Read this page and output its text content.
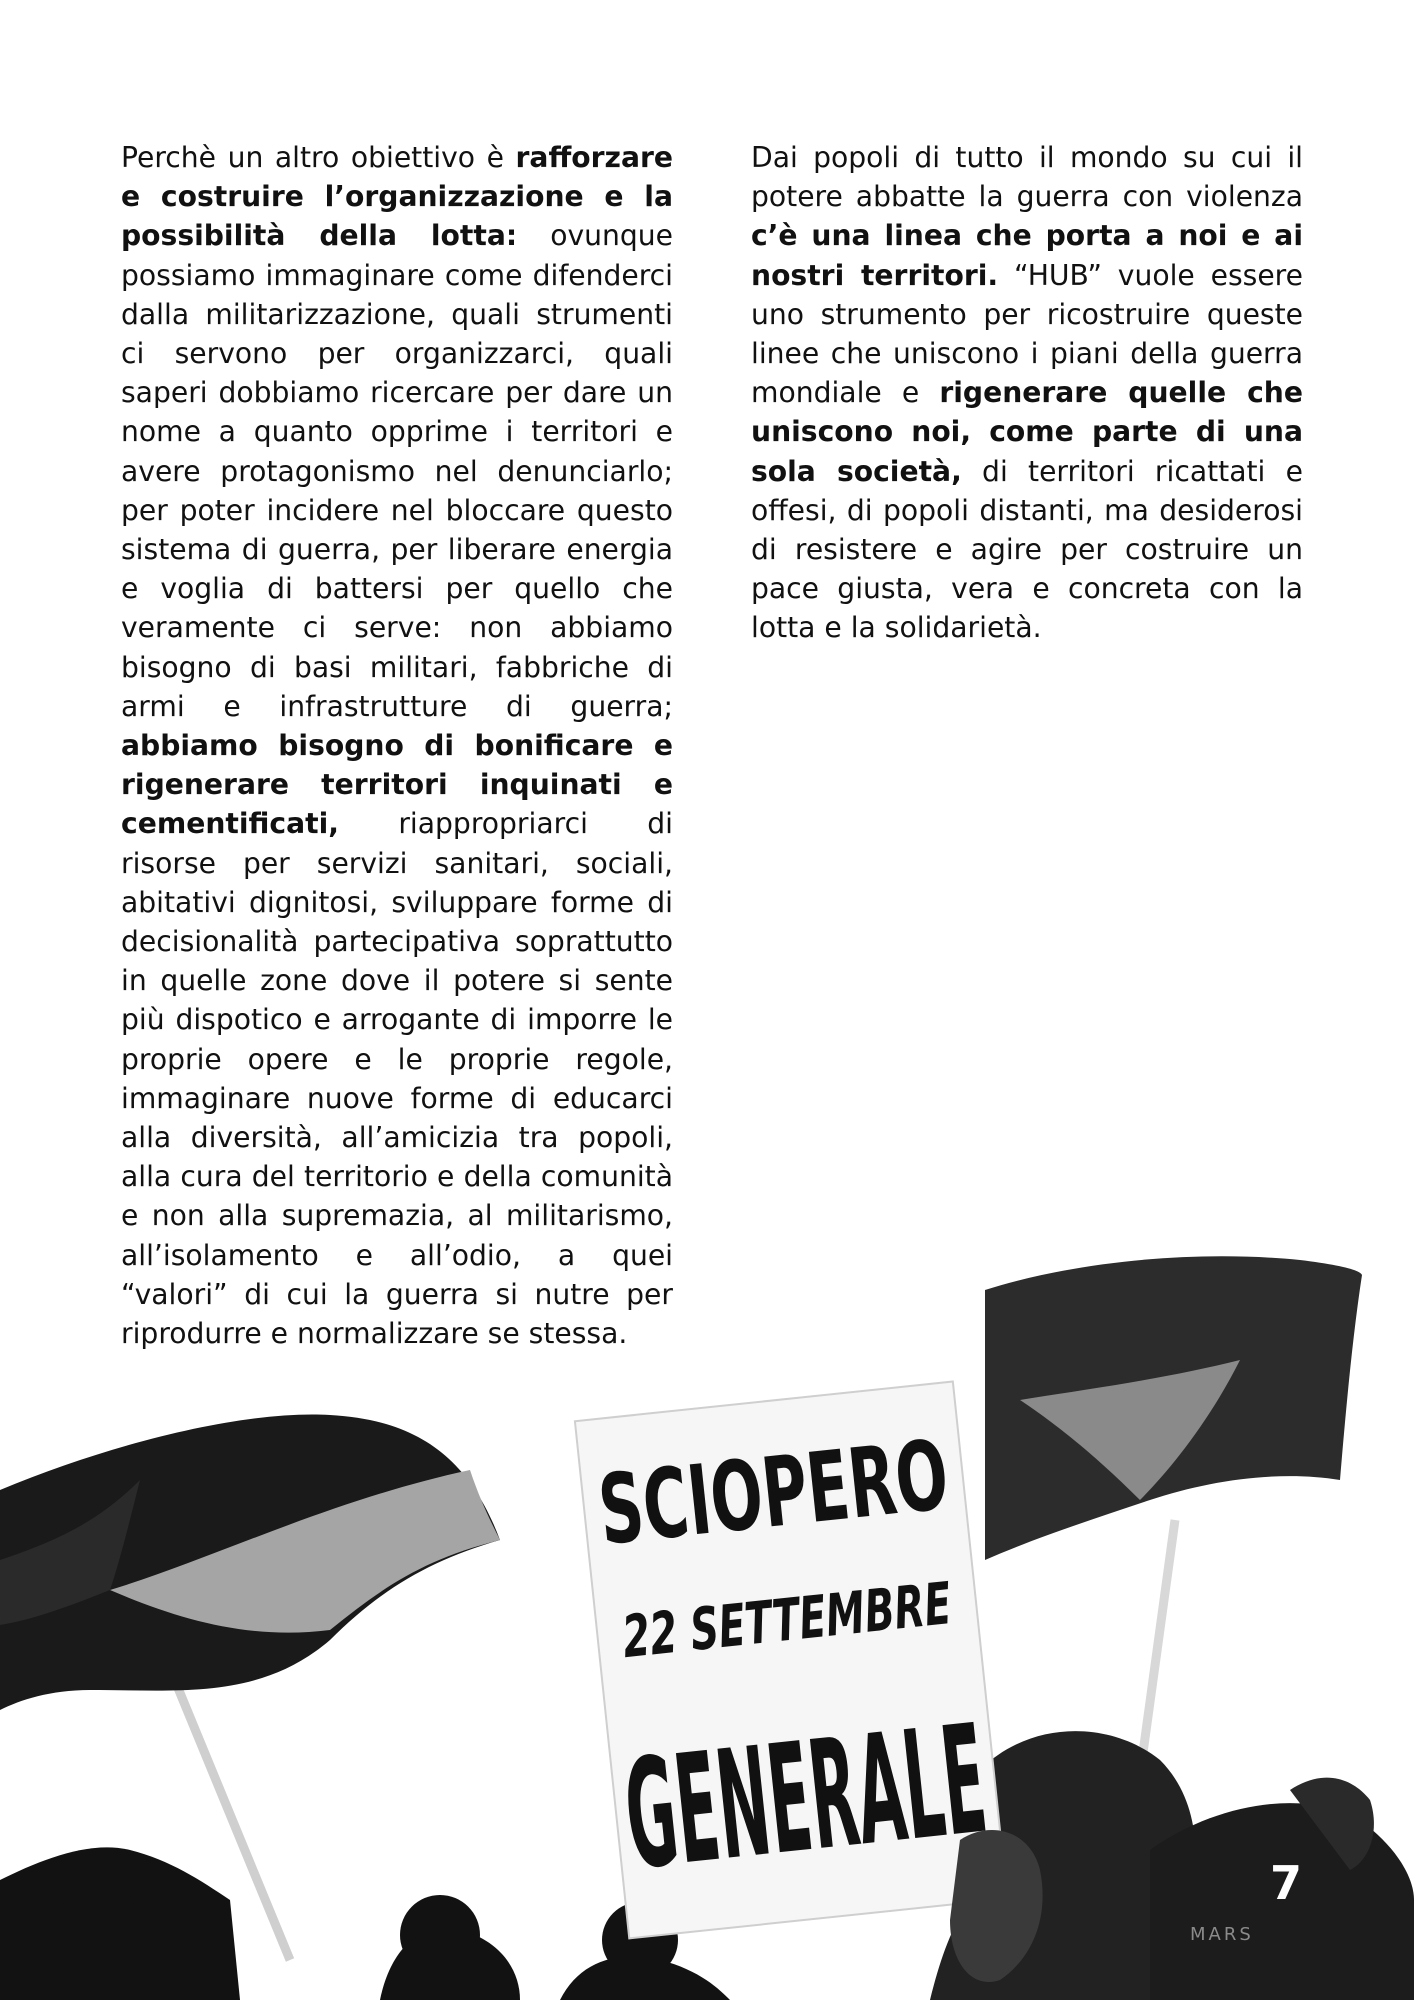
Perchè un altro obiettivo è rafforzare e costruire l’organizzazione e la possibilità della lotta: ovunque possiamo immaginare come difenderci dalla militarizzazione, quali strumenti ci servono per organizzarci, quali saperi dobbiamo ricercare per dare un nome a quanto opprime i territori e avere protagonismo nel denunciarlo; per poter incidere nel bloccare questo sistema di guerra, per liberare energia e voglia di battersi per quello che veramente ci serve: non abbiamo bisogno di basi militari, fabbriche di armi e infrastrutture di guerra; abbiamo bisogno di bonificare e rigenerare territori inquinati e cementificati, riappropriarci di risorse per servizi sanitari, sociali, abitativi dignitosi, sviluppare forme di decisionalità partecipativa soprattutto in quelle zone dove il potere si sente più dispotico e arrogante di imporre le proprie opere e le proprie regole, immaginare nuove forme di educarci alla diversità, all’amicizia tra popoli, alla cura del territorio e della comunità e non alla supremazia, al militarismo, all’isolamento e all’odio, a quei “valori” di cui la guerra si nutre per riprodurre e normalizzare se stessa.
Dai popoli di tutto il mondo su cui il potere abbatte la guerra con violenza c’è una linea che porta a noi e ai nostri territori. “HUB” vuole essere uno strumento per ricostruire queste linee che uniscono i piani della guerra mondiale e rigenerare quelle che uniscono noi, come parte di una sola società, di territori ricattati e offesi, di popoli distanti, ma desiderosi di resistere e agire per costruire un pace giusta, vera e concreta con la lotta e la solidarietà.
SCIOPERO
22 SETTEMBRE
MARS
7
